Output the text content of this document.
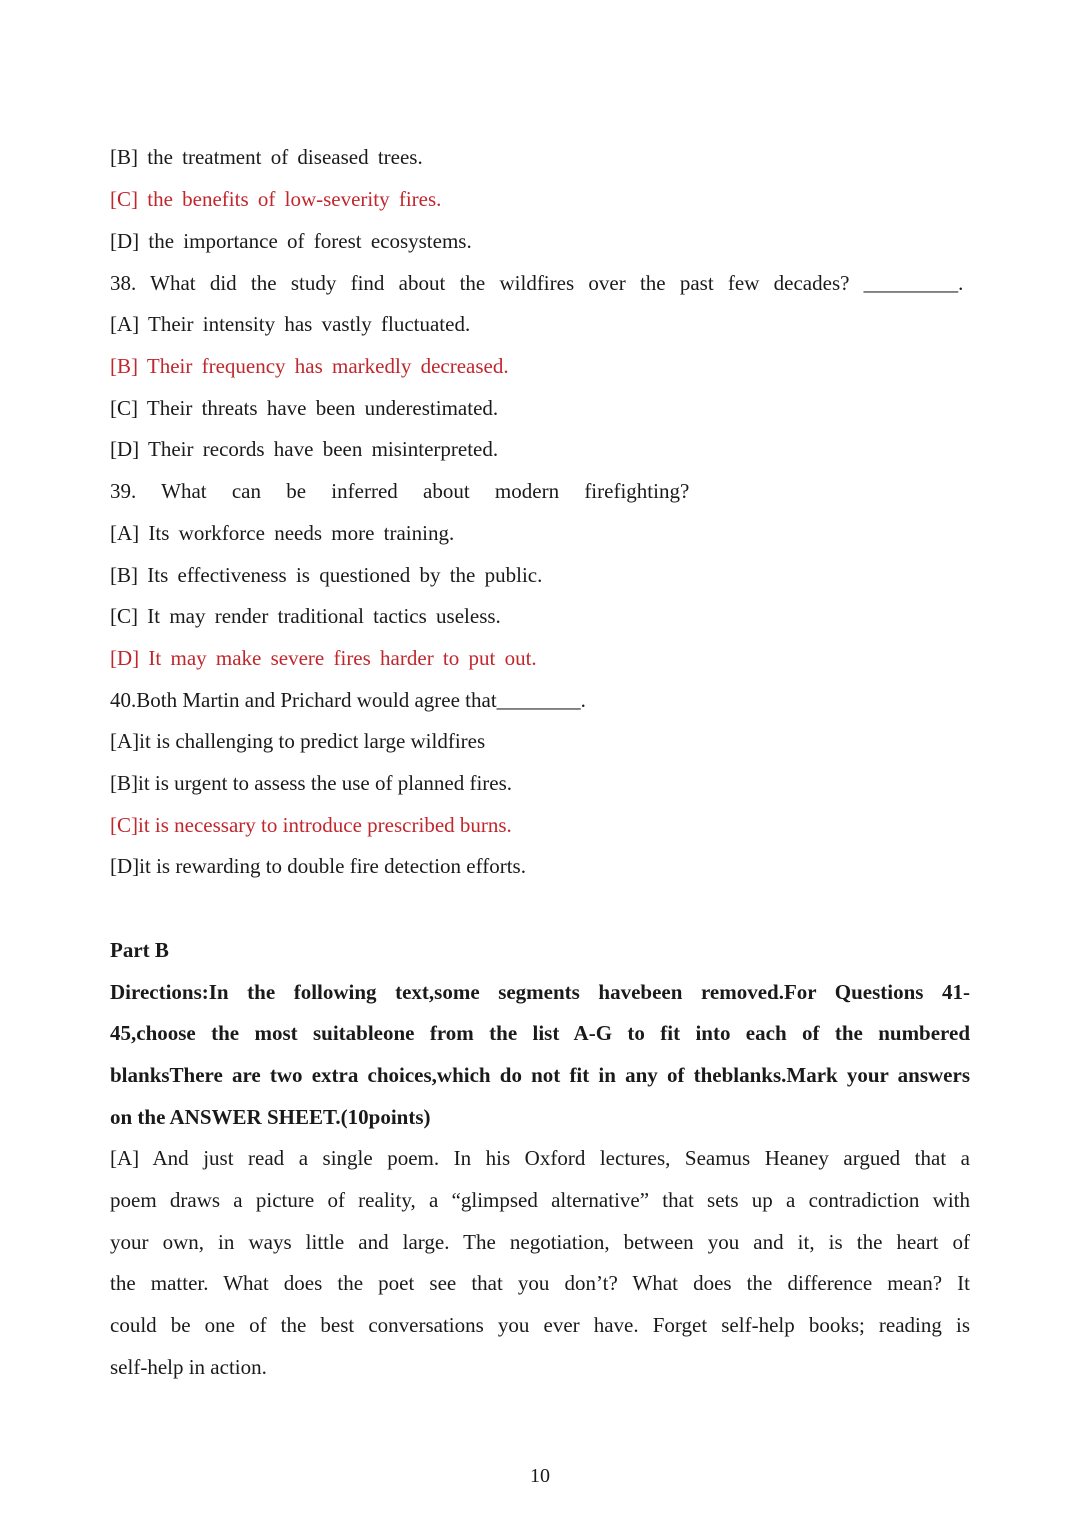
[B] the treatment of diseased trees.
[C] the benefits of low-severity fires.
[D] the importance of forest ecosystems.
38. What did the study find about the wildfires over the past few decades? _________.
[A] Their intensity has vastly fluctuated.
[B] Their frequency has markedly decreased.
[C] Their threats have been underestimated.
[D] Their records have been misinterpreted.
39. What can be inferred about modern firefighting?
[A] Its workforce needs more training.
[B] Its effectiveness is questioned by the public.
[C] It may render traditional tactics useless.
[D] It may make severe fires harder to put out.
40.Both Martin and Prichard would agree that________.
[A]it is challenging to predict large wildfires
[B]it is urgent to assess the use of planned fires.
[C]it is necessary to introduce prescribed burns.
[D]it is rewarding to double fire detection efforts.
Part B
Directions:In the following text,some segments havebeen removed.For Questions 41-
45,choose the most suitableone from the list A-G to fit into each of the numbered
blanksThere are two extra choices,which do not fit in any of theblanks.Mark your answers
on the ANSWER SHEET.(10points)
[A] And just read a single poem. In his Oxford lectures, Seamus Heaney argued that a
poem draws a picture of reality, a “glimpsed alternative” that sets up a contradiction with
your own, in ways little and large. The negotiation, between you and it, is the heart of
the matter. What does the poet see that you don’t? What does the difference mean? It
could be one of the best conversations you ever have. Forget self-help books; reading is
self-help in action.
10
